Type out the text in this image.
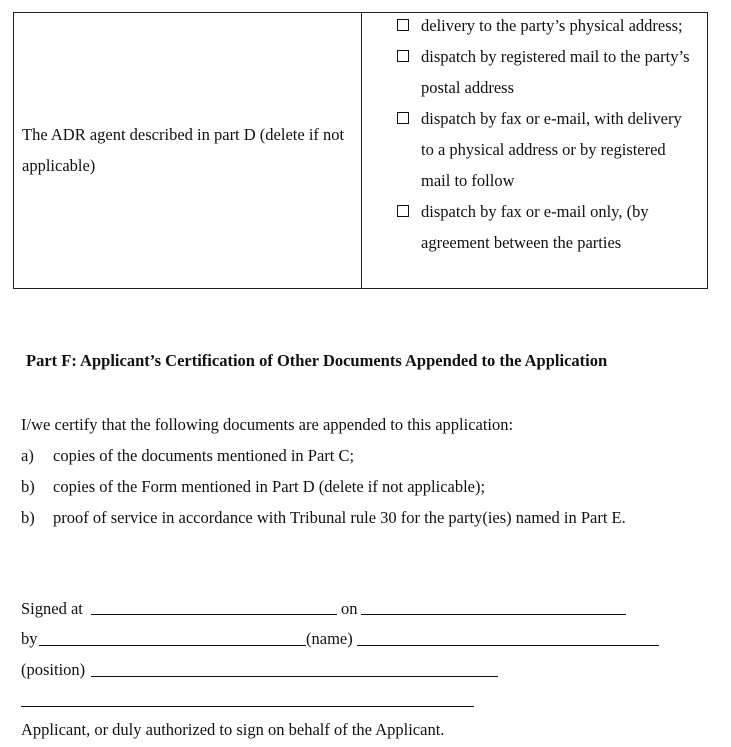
The ADR agent described in part D (delete if not applicable)
delivery to the party’s physical address;
dispatch by registered mail to the party’s postal address
dispatch by fax or e-mail, with delivery to a physical address or by registered mail to follow
dispatch by fax or e-mail only, (by agreement between the parties
Part F: Applicant’s Certification of Other Documents Appended to the Application
I/we certify that the following documents are appended to this application:
a) copies of the documents mentioned in Part C;
b) copies of the Form mentioned in Part D (delete if not applicable);
b) proof of service in accordance with Tribunal rule 30 for the party(ies) named in Part E.
Signed at	on
by	(name)
(position)
Applicant, or duly authorized to sign on behalf of the Applicant.
